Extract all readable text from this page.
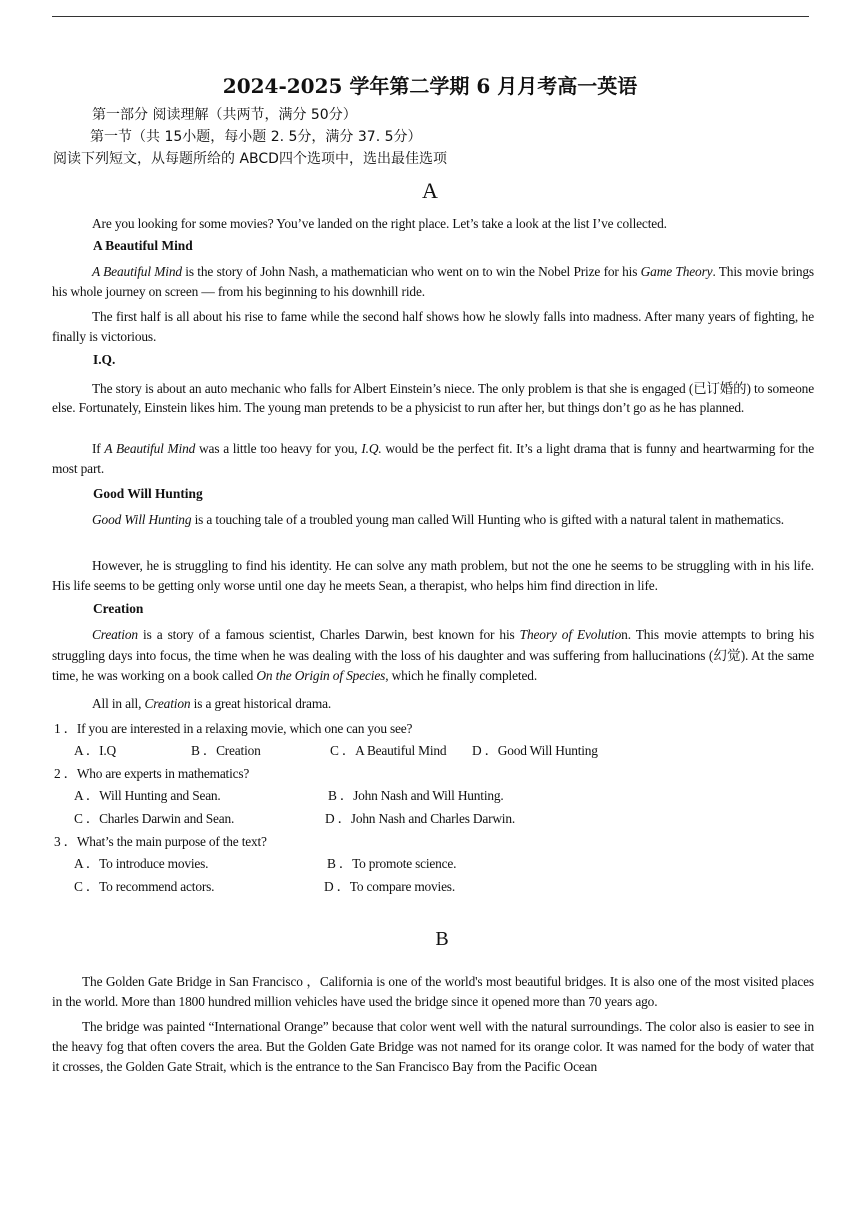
2024-2025 学年第二学期 6 月月考高一英语
第一部分 阅读理解（共两节，满分 50分）
第一节（共 15小题，每小题 2. 5分，满分 37. 5分）
阅读下列短文，从每题所给的 ABCD四个选项中，选出最佳选项
A

Are you looking for some movies? You’ve landed on the right place. Let’s take a look at the list I’ve collected.

A Beautiful Mind

A Beautiful Mind is the story of John Nash, a mathematician who went on to win the Nobel Prize for his Game Theory. This movie brings his whole journey on screen — from his beginning to his downhill ride.

The first half is all about his rise to fame while the second half shows how he slowly falls into madness. After many years of fighting, he finally is victorious.

I.Q.

The story is about an auto mechanic who falls for Albert Einstein’s niece. The only problem is that she is engaged (已订婚的) to someone else. Fortunately, Einstein likes him. The young man pretends to be a physicist to run after her, but things don’t go as he has planned.

If A Beautiful Mind was a little too heavy for you, I.Q. would be the perfect fit. It’s a light drama that is funny and heartwarming for the most part.

Good Will Hunting

Good Will Hunting is a touching tale of a troubled young man called Will Hunting who is gifted with a natural talent in mathematics.

However, he is struggling to find his identity. He can solve any math problem, but not the one he seems to be struggling with in his life. His life seems to be getting only worse until one day he meets Sean, a therapist, who helps him find direction in life.

Creation

Creation is a story of a famous scientist, Charles Darwin, best known for his Theory of Evolution. This movie attempts to bring his struggling days into focus, the time when he was dealing with the loss of his daughter and was suffering from hallucinations (幻觉). At the same time, he was working on a book called On the Origin of Species, which he finally completed.

All in all, Creation is a great historical drama.

1 ．If you are interested in a relaxing movie, which one can you see?
A ．I.Q	B ．Creation	C ．A Beautiful Mind D ．Good Will Hunting
2 ．Who are experts in mathematics?
A ．Will Hunting and Sean.	B ．John Nash and Will Hunting.
C ．Charles Darwin and Sean.	D ．John Nash and Charles Darwin.
3 ．What’s the main purpose of the text?
A ．To introduce movies.	B ．To promote science.
C ．To recommend actors.	D ．To compare movies.
B

The Golden Gate Bridge in San Francisco ，California is one of the world's most beautiful bridges. It is also one of the most visited places in the world. More than 1800 hundred million vehicles have used the bridge since it opened more than 70 years ago.

The bridge was painted “International Orange” because that color went well with the natural surroundings. The color also is easier to see in the heavy fog that often covers the area. But the Golden Gate Bridge was not named for its orange color. It was named for the body of water that it crosses, the Golden Gate Strait, which is the entrance to the San Francisco Bay from the Pacific Ocean
